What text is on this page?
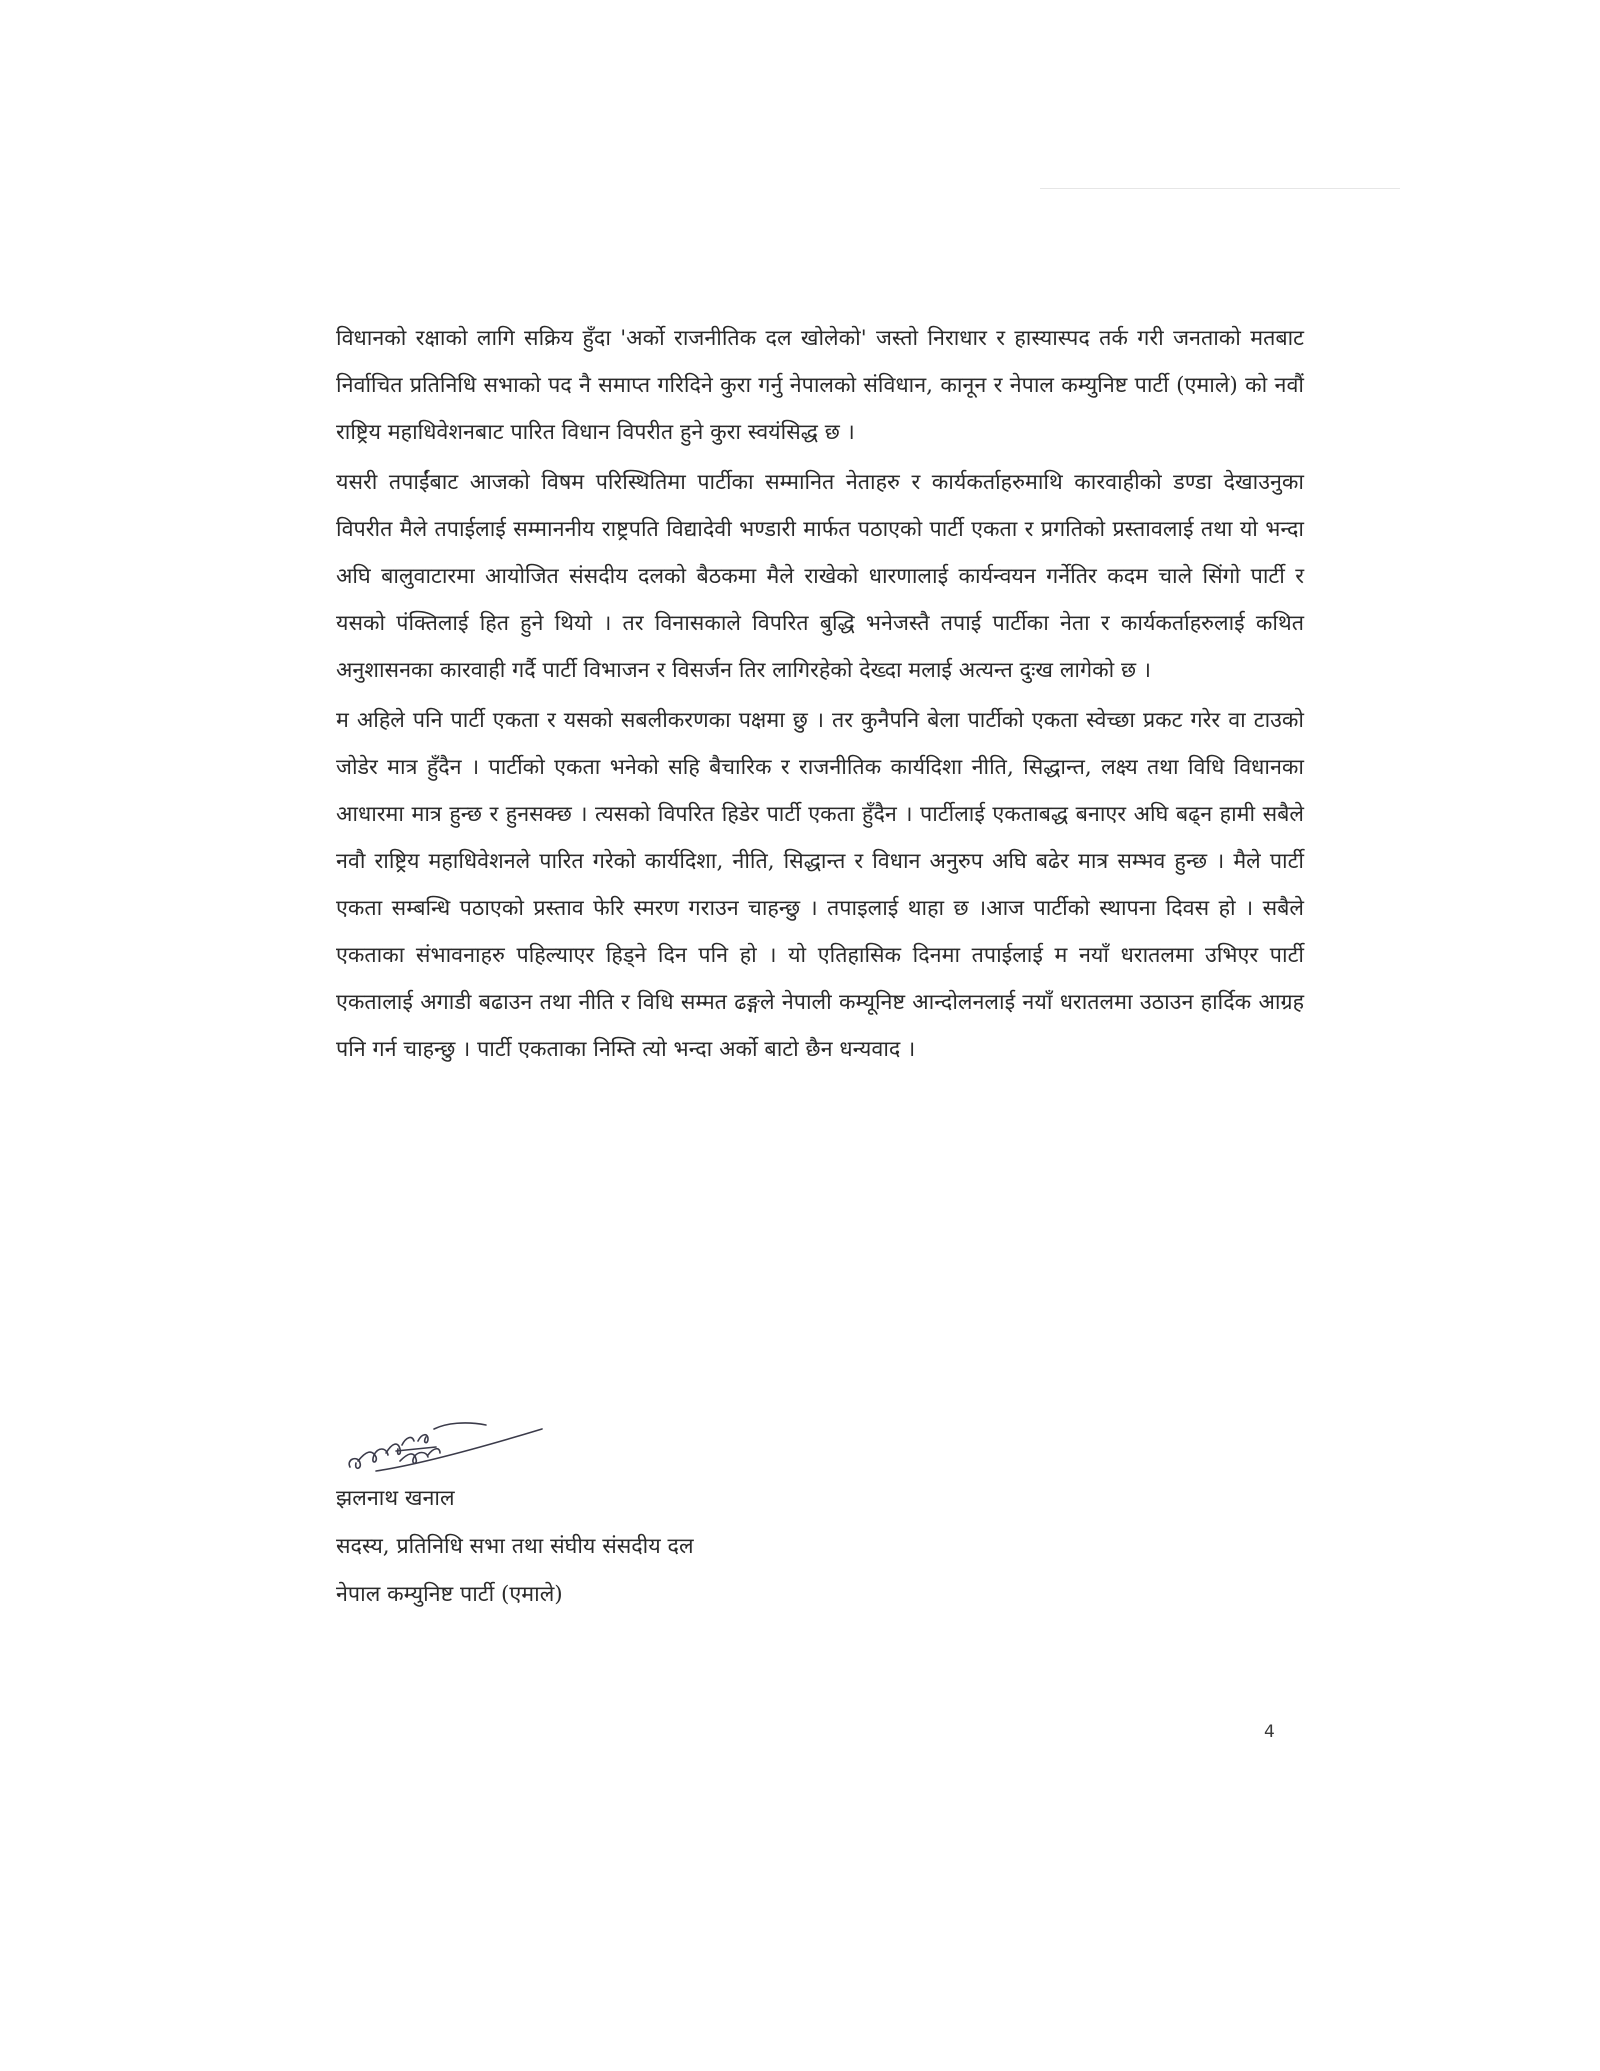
विधानको रक्षाको लागि सक्रिय हुँदा 'अर्को राजनीतिक दल खोलेको' जस्तो निराधार र हास्यास्पद तर्क गरी जनताको मतबाट निर्वाचित प्रतिनिधि सभाको पद नै समाप्त गरिदिने कुरा गर्नु नेपालको संविधान, कानून र नेपाल कम्युनिष्ट पार्टी (एमाले) को नवौं राष्ट्रिय महाधिवेशनबाट पारित विधान विपरीत हुने कुरा स्वयंसिद्ध छ ।

यसरी तपाईंबाट आजको विषम परिस्थितिमा पार्टीका सम्मानित नेताहरु र कार्यकर्ताहरुमाथि कारवाहीको डण्डा देखाउनुका विपरीत मैले तपाईलाई सम्माननीय राष्ट्रपति विद्यादेवी भण्डारी मार्फत पठाएको पार्टी एकता र प्रगतिको प्रस्तावलाई तथा यो भन्दा अघि बालुवाटारमा आयोजित संसदीय दलको बैठकमा मैले राखेको धारणालाई कार्यन्वयन गर्नेतिर कदम चाले सिंगो पार्टी र यसको पंक्तिलाई हित हुने थियो । तर विनासकाले विपरित बुद्धि भनेजस्तै तपाई पार्टीका नेता र कार्यकर्ताहरुलाई कथित अनुशासनका कारवाही गर्दै पार्टी विभाजन र विसर्जन तिर लागिरहेको देख्दा मलाई अत्यन्त दुःख लागेको छ ।

म अहिले पनि पार्टी एकता र यसको सबलीकरणका पक्षमा छु । तर कुनैपनि बेला पार्टीको एकता स्वेच्छा प्रकट गरेर वा टाउको जोडेर मात्र हुँदैन । पार्टीको एकता भनेको सहि बैचारिक र राजनीतिक कार्यदिशा नीति, सिद्धान्त, लक्ष्य तथा विधि विधानका आधारमा मात्र हुन्छ र हुनसक्छ । त्यसको विपरित हिडेर पार्टी एकता हुँदैन । पार्टीलाई एकताबद्ध बनाएर अघि बढ्न हामी सबैले नवौ राष्ट्रिय महाधिवेशनले पारित गरेको कार्यदिशा, नीति, सिद्धान्त र विधान अनुरुप अघि बढेर मात्र सम्भव हुन्छ । मैले पार्टी एकता सम्बन्धि पठाएको प्रस्ताव फेरि स्मरण गराउन चाहन्छु । तपाइलाई थाहा छ ।आज पार्टीको स्थापना दिवस हो । सबैले एकताका संभावनाहरु पहिल्याएर हिड्ने दिन पनि हो । यो एतिहासिक दिनमा तपाईलाई म नयाँ धरातलमा उभिएर पार्टी एकतालाई अगाडी बढाउन तथा नीति र विधि सम्मत ढङ्गले नेपाली कम्यूनिष्ट आन्दोलनलाई नयाँ धरातलमा उठाउन हार्दिक आग्रह पनि गर्न चाहन्छु । पार्टी एकताका निम्ति त्यो भन्दा अर्को बाटो छैन धन्यवाद ।

झलनाथ खनाल

सदस्य, प्रतिनिधि सभा तथा संघीय संसदीय दल

नेपाल कम्युनिष्ट पार्टी (एमाले)

4
